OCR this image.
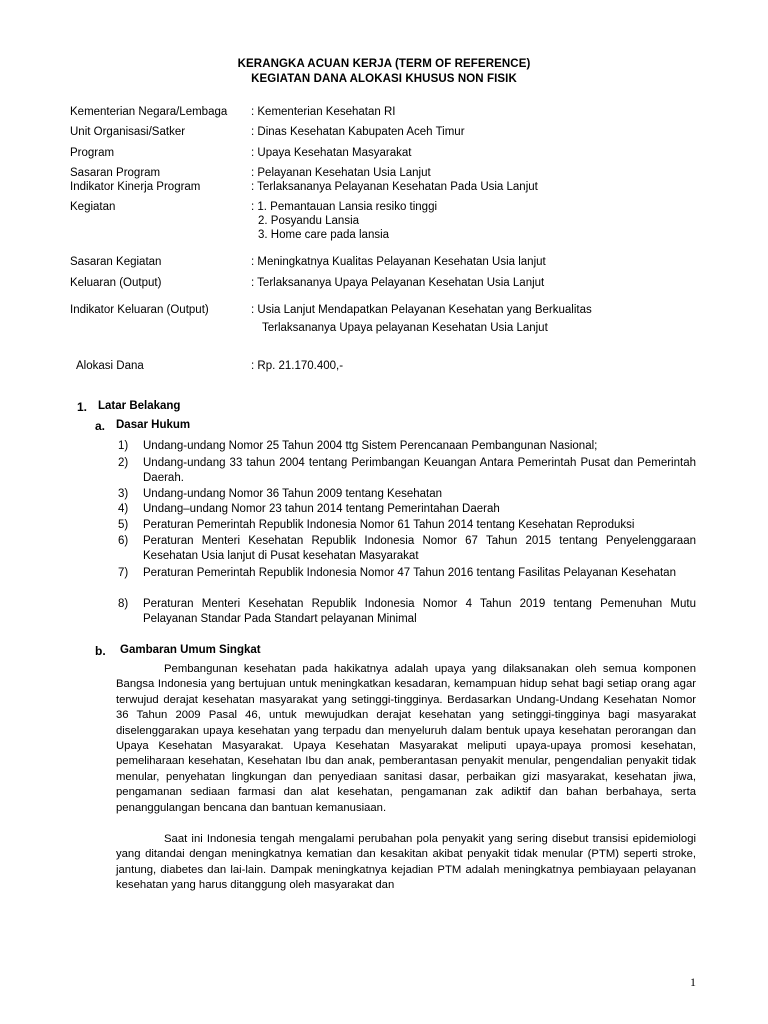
KERANGKA ACUAN KERJA (TERM OF REFERENCE)
KEGIATAN DANA ALOKASI KHUSUS NON FISIK
Kementerian Negara/Lembaga : Kementerian Kesehatan RI
Unit Organisasi/Satker	: Dinas Kesehatan Kabupaten Aceh Timur
Program	: Upaya Kesehatan Masyarakat
Sasaran Program	: Pelayanan Kesehatan Usia Lanjut
Indikator Kinerja Program	: Terlaksananya Pelayanan Kesehatan Pada Usia Lanjut
Kegiatan	: 1. Pemantauan Lansia resiko tinggi
2. Posyandu Lansia
3. Home care pada lansia
Sasaran Kegiatan	: Meningkatnya Kualitas Pelayanan Kesehatan Usia lanjut
Keluaran (Output)	: Terlaksananya Upaya Pelayanan Kesehatan Usia Lanjut
Indikator Keluaran (Output)	: Usia Lanjut Mendapatkan Pelayanan Kesehatan yang Berkualitas
Terlaksananya Upaya pelayanan Kesehatan Usia Lanjut
Alokasi Dana	: Rp. 21.170.400,-
1. Latar Belakang
a. Dasar Hukum
1) Undang-undang Nomor 25 Tahun 2004 ttg Sistem Perencanaan Pembangunan Nasional;
2) Undang-undang 33 tahun 2004 tentang Perimbangan Keuangan Antara Pemerintah Pusat dan Pemerintah Daerah.
3) Undang-undang Nomor 36 Tahun 2009 tentang Kesehatan
4) Undang–undang Nomor 23 tahun 2014 tentang Pemerintahan Daerah
5) Peraturan Pemerintah Republik Indonesia Nomor 61 Tahun 2014 tentang Kesehatan Reproduksi
6) Peraturan Menteri Kesehatan Republik Indonesia Nomor 67 Tahun 2015 tentang Penyelenggaraan Kesehatan Usia lanjut di Pusat kesehatan Masyarakat
7) Peraturan Pemerintah Republik Indonesia Nomor 47 Tahun 2016 tentang Fasilitas Pelayanan Kesehatan
8) Peraturan Menteri Kesehatan Republik Indonesia Nomor 4 Tahun 2019 tentang Pemenuhan Mutu Pelayanan Standar Pada Standart pelayanan Minimal
b. Gambaran Umum Singkat

Pembangunan kesehatan pada hakikatnya adalah upaya yang dilaksanakan oleh semua komponen Bangsa Indonesia yang bertujuan untuk meningkatkan kesadaran, kemampuan hidup sehat bagi setiap orang agar terwujud derajat kesehatan masyarakat yang setinggi-tingginya. Berdasarkan Undang-Undang Kesehatan Nomor 36 Tahun 2009 Pasal 46, untuk mewujudkan derajat kesehatan yang setinggi-tingginya bagi masyarakat diselenggarakan upaya kesehatan yang terpadu dan menyeluruh dalam bentuk upaya kesehatan perorangan dan Upaya Kesehatan Masyarakat. Upaya Kesehatan Masyarakat meliputi upaya-upaya promosi kesehatan, pemeliharaan kesehatan, Kesehatan Ibu dan anak, pemberantasan penyakit menular, pengendalian penyakit tidak menular, penyehatan lingkungan dan penyediaan sanitasi dasar, perbaikan gizi masyarakat, kesehatan jiwa, pengamanan sediaan farmasi dan alat kesehatan, pengamanan zak adiktif dan bahan berbahaya, serta penanggulangan bencana dan bantuan kemanusiaan.

Saat ini Indonesia tengah mengalami perubahan pola penyakit yang sering disebut transisi epidemiologi yang ditandai dengan meningkatnya kematian dan kesakitan akibat penyakit tidak menular (PTM) seperti stroke, jantung, diabetes dan lai-lain. Dampak meningkatnya kejadian PTM adalah meningkatnya pembiayaan pelayanan kesehatan yang harus ditanggung oleh masyarakat dan

1
